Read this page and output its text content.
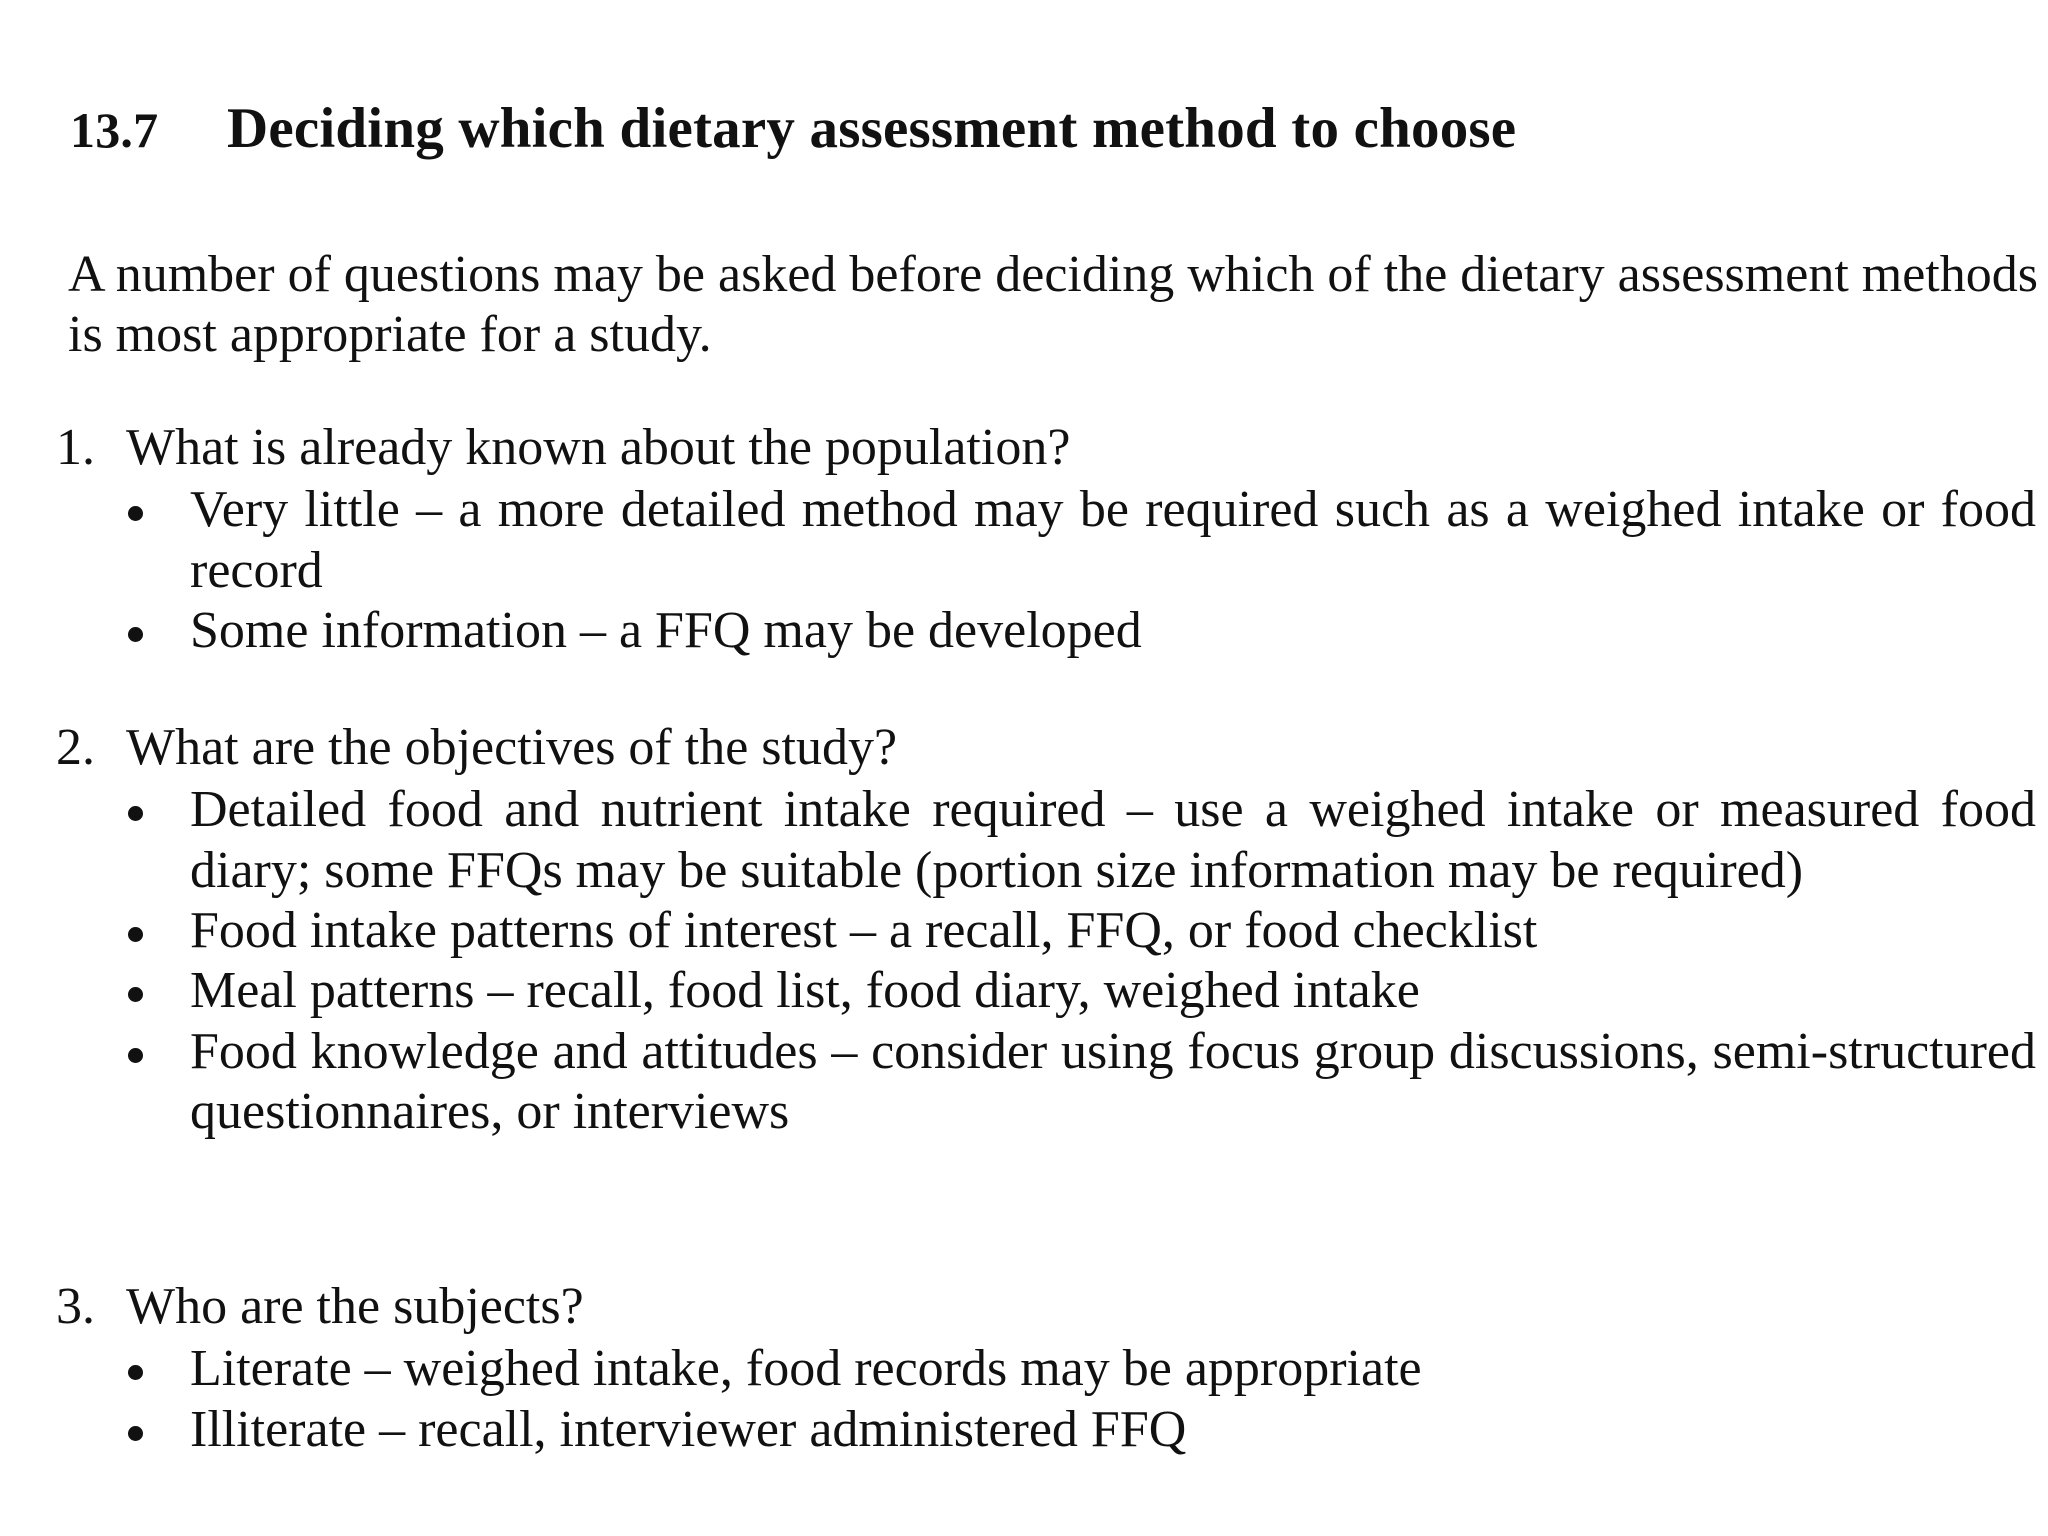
13.7 Deciding which dietary assessment method to choose

A number of questions may be asked before deciding which of the dietary assessment methods is most appropriate for a study.

1. What is already known about the population?

Very little – a more detailed method may be required such as a weighed intake or food record
Some information – a FFQ may be developed

2. What are the objectives of the study?

Detailed food and nutrient intake required – use a weighed intake or measured food diary; some FFQs may be suitable (portion size information may be required)
Food intake patterns of interest – a recall, FFQ, or food checklist
Meal patterns – recall, food list, food diary, weighed intake
Food knowledge and attitudes – consider using focus group discussions, semi-structured questionnaires, or interviews

3. Who are the subjects?

Literate – weighed intake, food records may be appropriate
Illiterate – recall, interviewer administered FFQ
